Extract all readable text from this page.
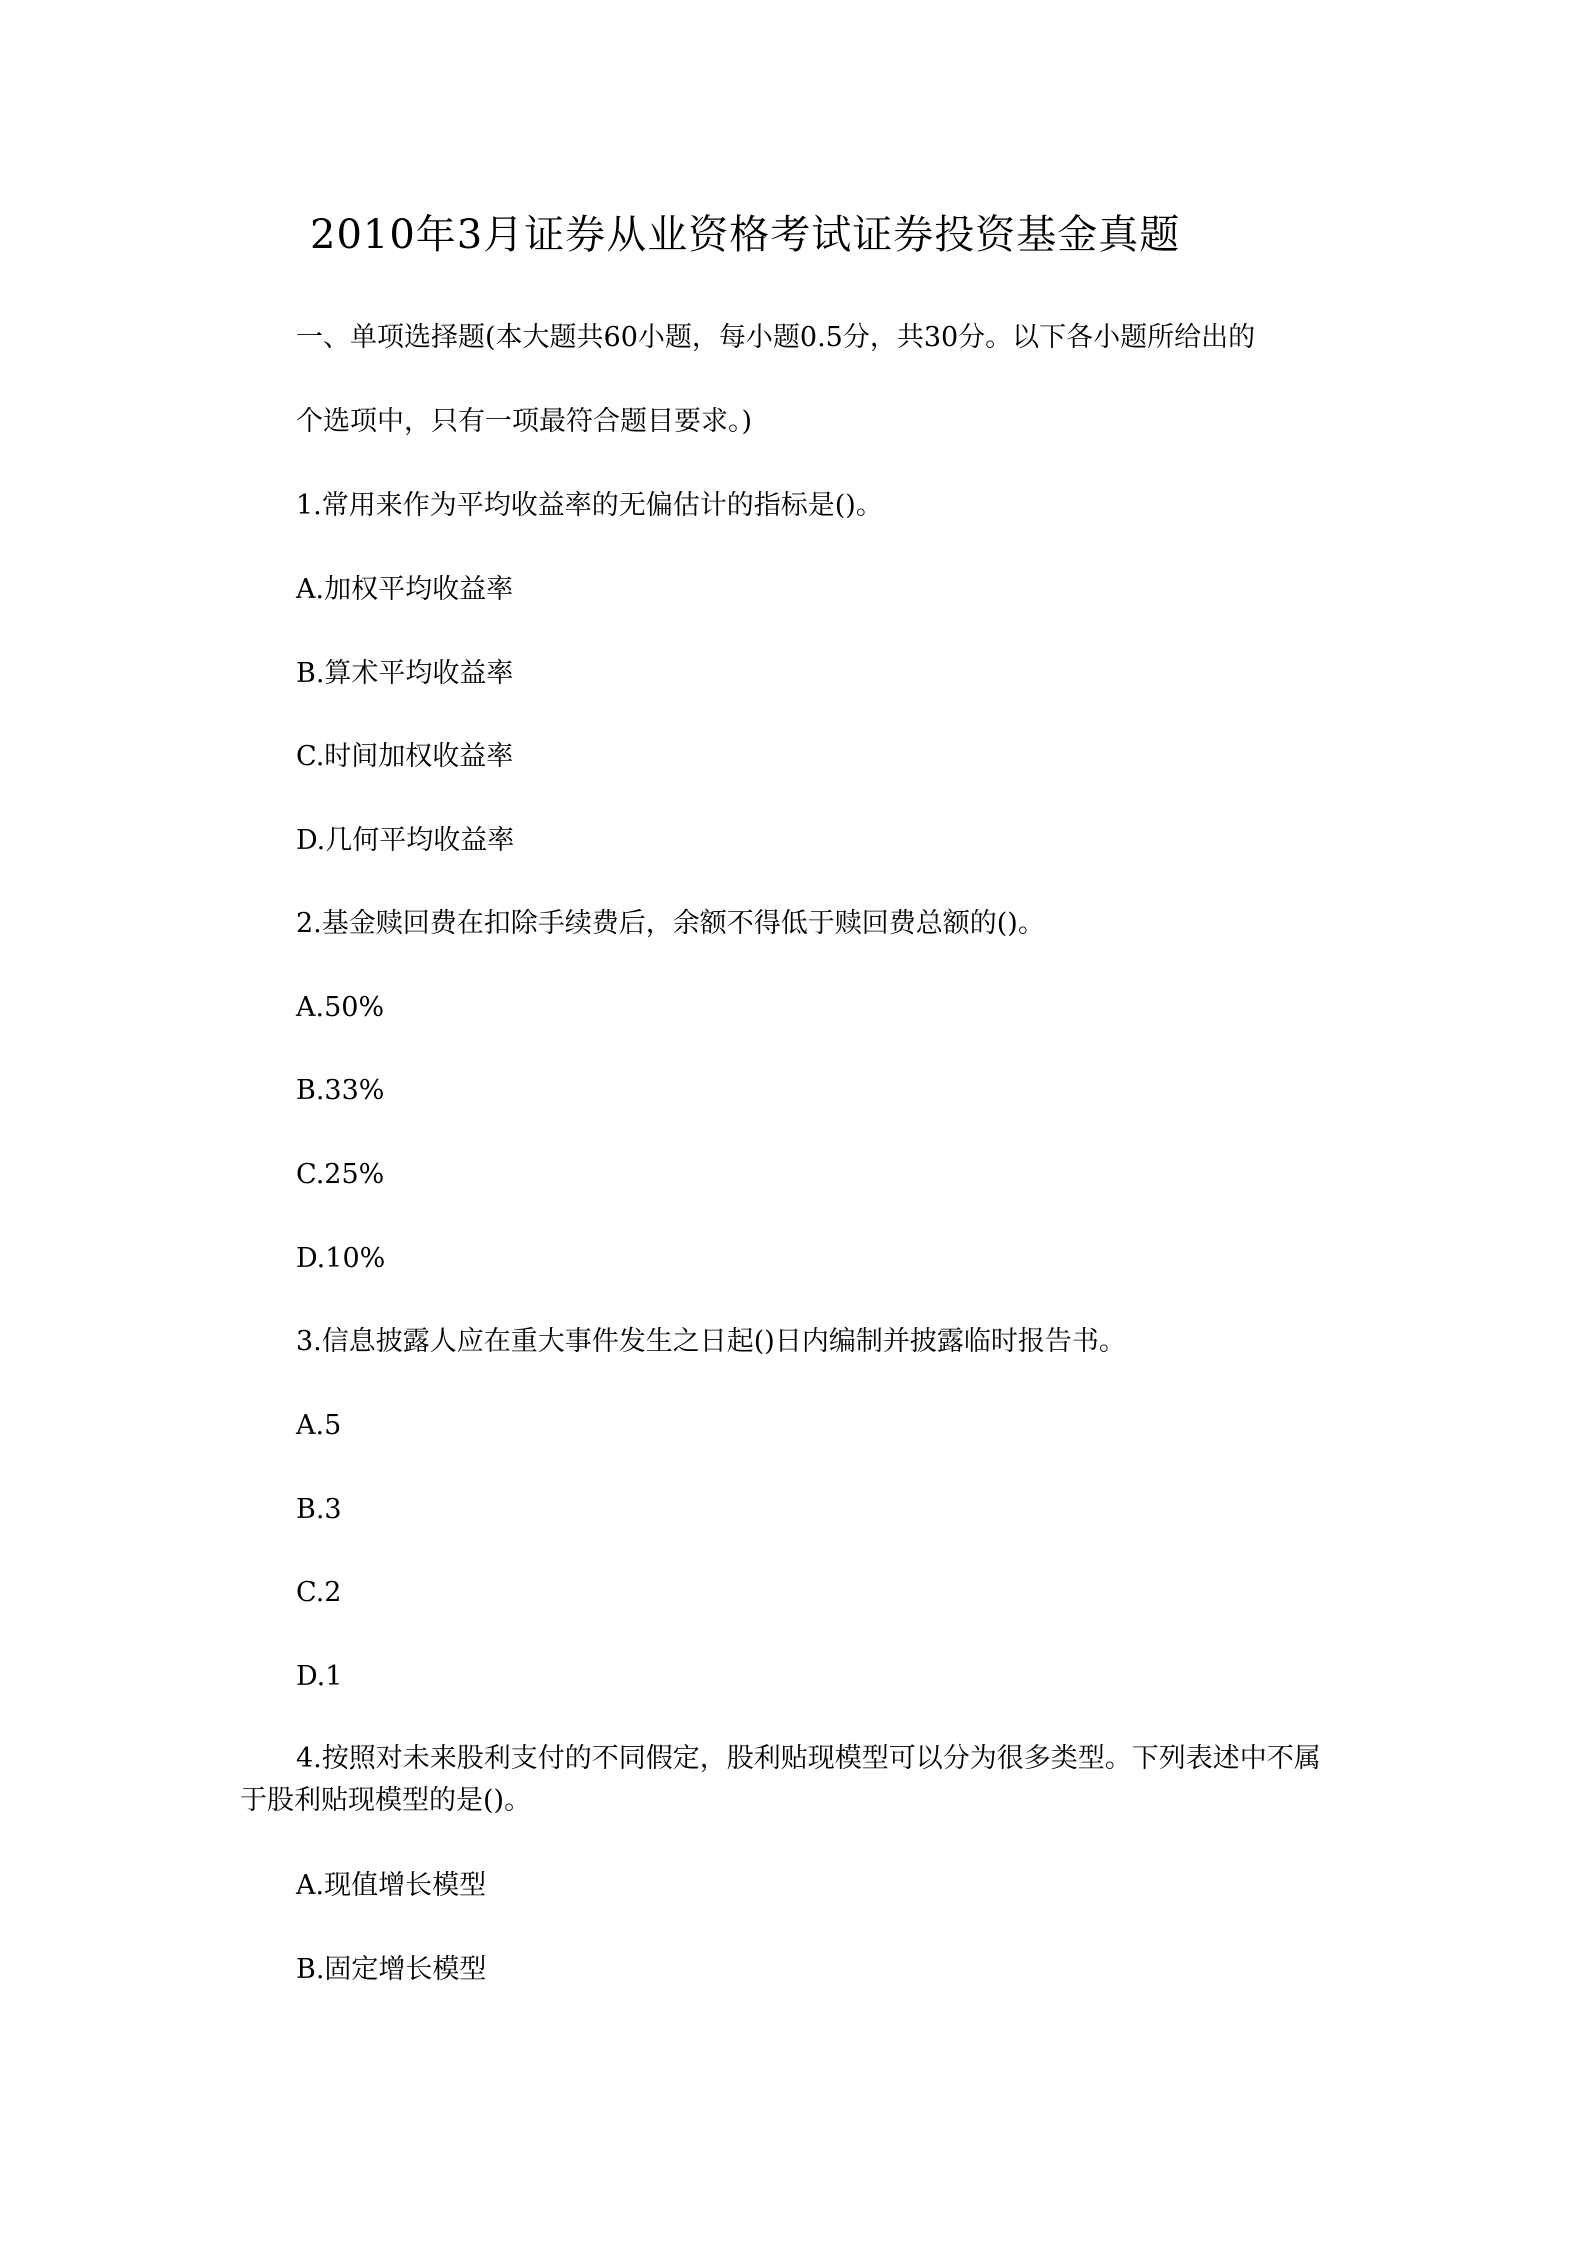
2010年3月证券从业资格考试证券投资基金真题
一、单项选择题(本大题共60小题，每小题0.5分，共30分。以下各小题所给出的
个选项中，只有一项最符合题目要求。)
1.常用来作为平均收益率的无偏估计的指标是()。
A.加权平均收益率
B.算术平均收益率
C.时间加权收益率
D.几何平均收益率
2.基金赎回费在扣除手续费后，余额不得低于赎回费总额的()。
A.50%
B.33%
C.25%
D.10%
3.信息披露人应在重大事件发生之日起()日内编制并披露临时报告书。
A.5
B.3
C.2
D.1
4.按照对未来股利支付的不同假定，股利贴现模型可以分为很多类型。下列表述中不属
于股利贴现模型的是()。
A.现值增长模型
B.固定增长模型
